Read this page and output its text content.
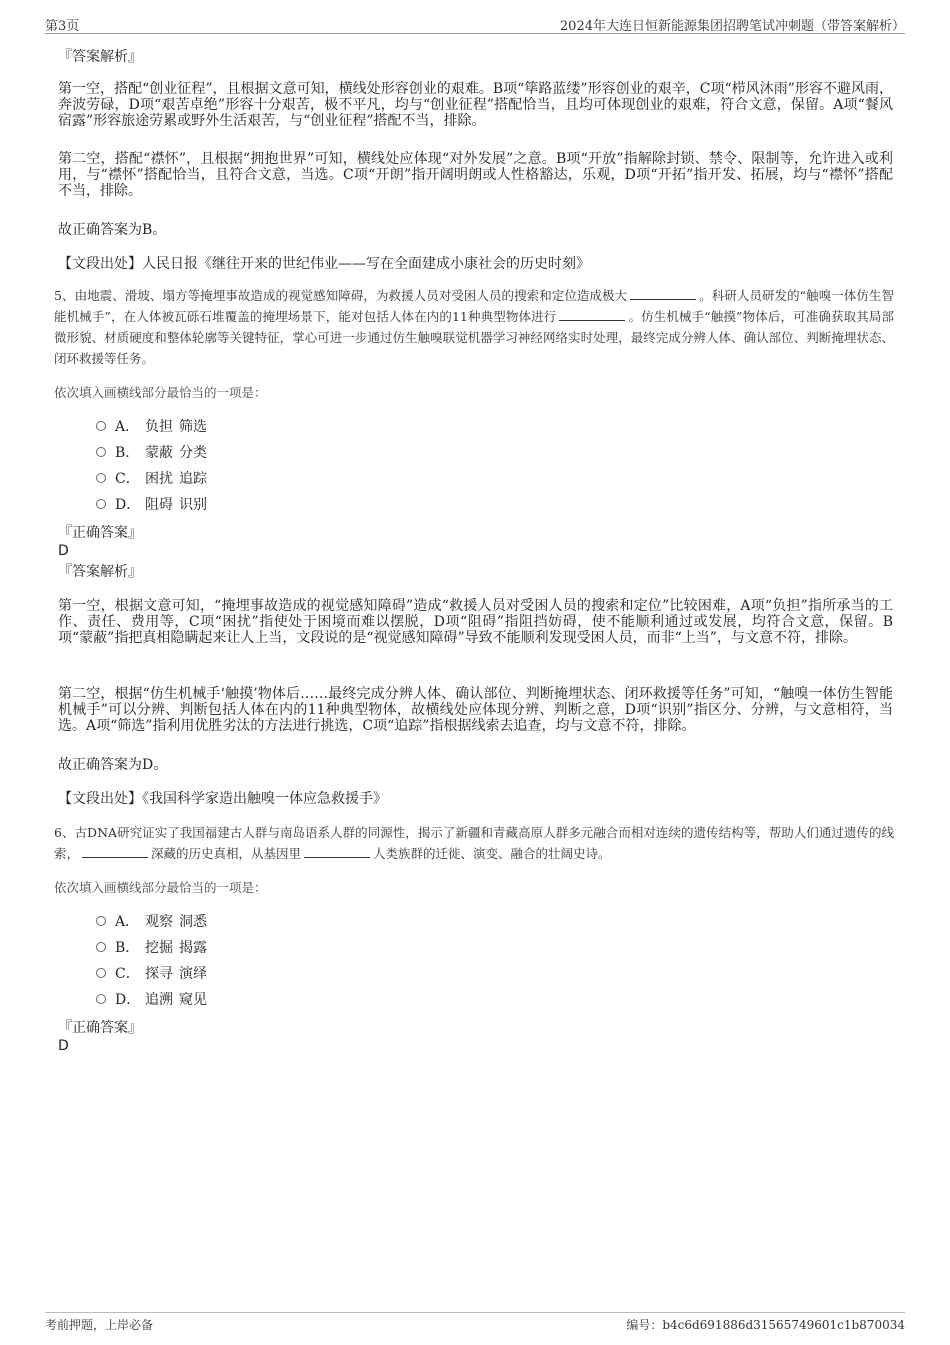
第3页	2024年大连日恒新能源集团招聘笔试冲刺题（带答案解析）
『答案解析』
第一空，搭配“创业征程”，且根据文意可知，横线处形容创业的艰难。B项“筚路蓝缕”形容创业的艰辛，C项“栉风沐雨”形容不避风雨，奔波劳碌，D项“艰苦卓绝”形容十分艰苦，极不平凡，均与“创业征程”搭配恰当，且均可体现创业的艰难，符合文意，保留。A项“餐风宿露”形容旅途劳累或野外生活艰苦，与“创业征程”搭配不当，排除。
第二空，搭配“襟怀”，且根据“拥抱世界”可知，横线处应体现“对外发展”之意。B项“开放”指解除封锁、禁令、限制等，允许进入或利用，与“襟怀”搭配恰当，且符合文意，当选。C项“开朗”指开阔明朗或人性格豁达，乐观，D项“开拓”指开发、拓展，均与“襟怀”搭配不当，排除。
故正确答案为B。
【文段出处】人民日报《继往开来的世纪伟业——写在全面建成小康社会的历史时刻》
5、由地震、滑坡、塌方等掩埋事故造成的视觉感知障碍，为救援人员对受困人员的搜索和定位造成极大	。科研人员研发的“触嗅一体仿生智能机械手”，在人体被瓦砾石堆覆盖的掩埋场景下，能对包括人体在内的11种典型物体进行	。仿生机械手“触摸”物体后，可准确获取其局部微形貌、材质硬度和整体轮廓等关键特征，掌心可进一步通过仿生触嗅联觉机器学习神经网络实时处理，最终完成分辨人体、确认部位、判断掩埋状态、闭环救援等任务。
依次填入画横线部分最恰当的一项是：
A． 负担 筛选
B． 蒙蔽 分类
C． 困扰 追踪
D． 阻碍 识别
『正确答案』
D
『答案解析』
第一空，根据文意可知，“掩埋事故造成的视觉感知障碍”造成“救援人员对受困人员的搜索和定位”比较困难，A项“负担”指所承当的工作、责任、费用等，C项“困扰”指使处于困境而难以摆脱，D项“阻碍”指阻挡妨碍，使不能顺利通过或发展，均符合文意，保留。B项“蒙蔽”指把真相隐瞒起来让人上当，文段说的是“视觉感知障碍”导致不能顺利发现受困人员，而非“上当”，与文意不符，排除。
第二空，根据“仿生机械手‘触摸’物体后……最终完成分辨人体、确认部位、判断掩埋状态、闭环救援等任务”可知，“触嗅一体仿生智能机械手”可以分辨、判断包括人体在内的11种典型物体，故横线处应体现分辨、判断之意，D项“识别”指区分、分辨，与文意相符，当选。A项“筛选”指利用优胜劣汰的方法进行挑选，C项“追踪”指根据线索去追查，均与文意不符，排除。
故正确答案为D。
【文段出处】《我国科学家造出触嗅一体应急救援手》
6、古DNA研究证实了我国福建古人群与南岛语系人群的同源性，揭示了新疆和青藏高原人群多元融合而相对连续的遗传结构等，帮助人们通过遗传的线索，	深藏的历史真相，从基因里	人类族群的迁徙、演变、融合的壮阔史诗。
依次填入画横线部分最恰当的一项是：
A． 观察 洞悉
B． 挖掘 揭露
C． 探寻 演绎
D． 追溯 窥见
『正确答案』
D
考前押题，上岸必备	编号：b4c6d691886d31565749601c1b870034
